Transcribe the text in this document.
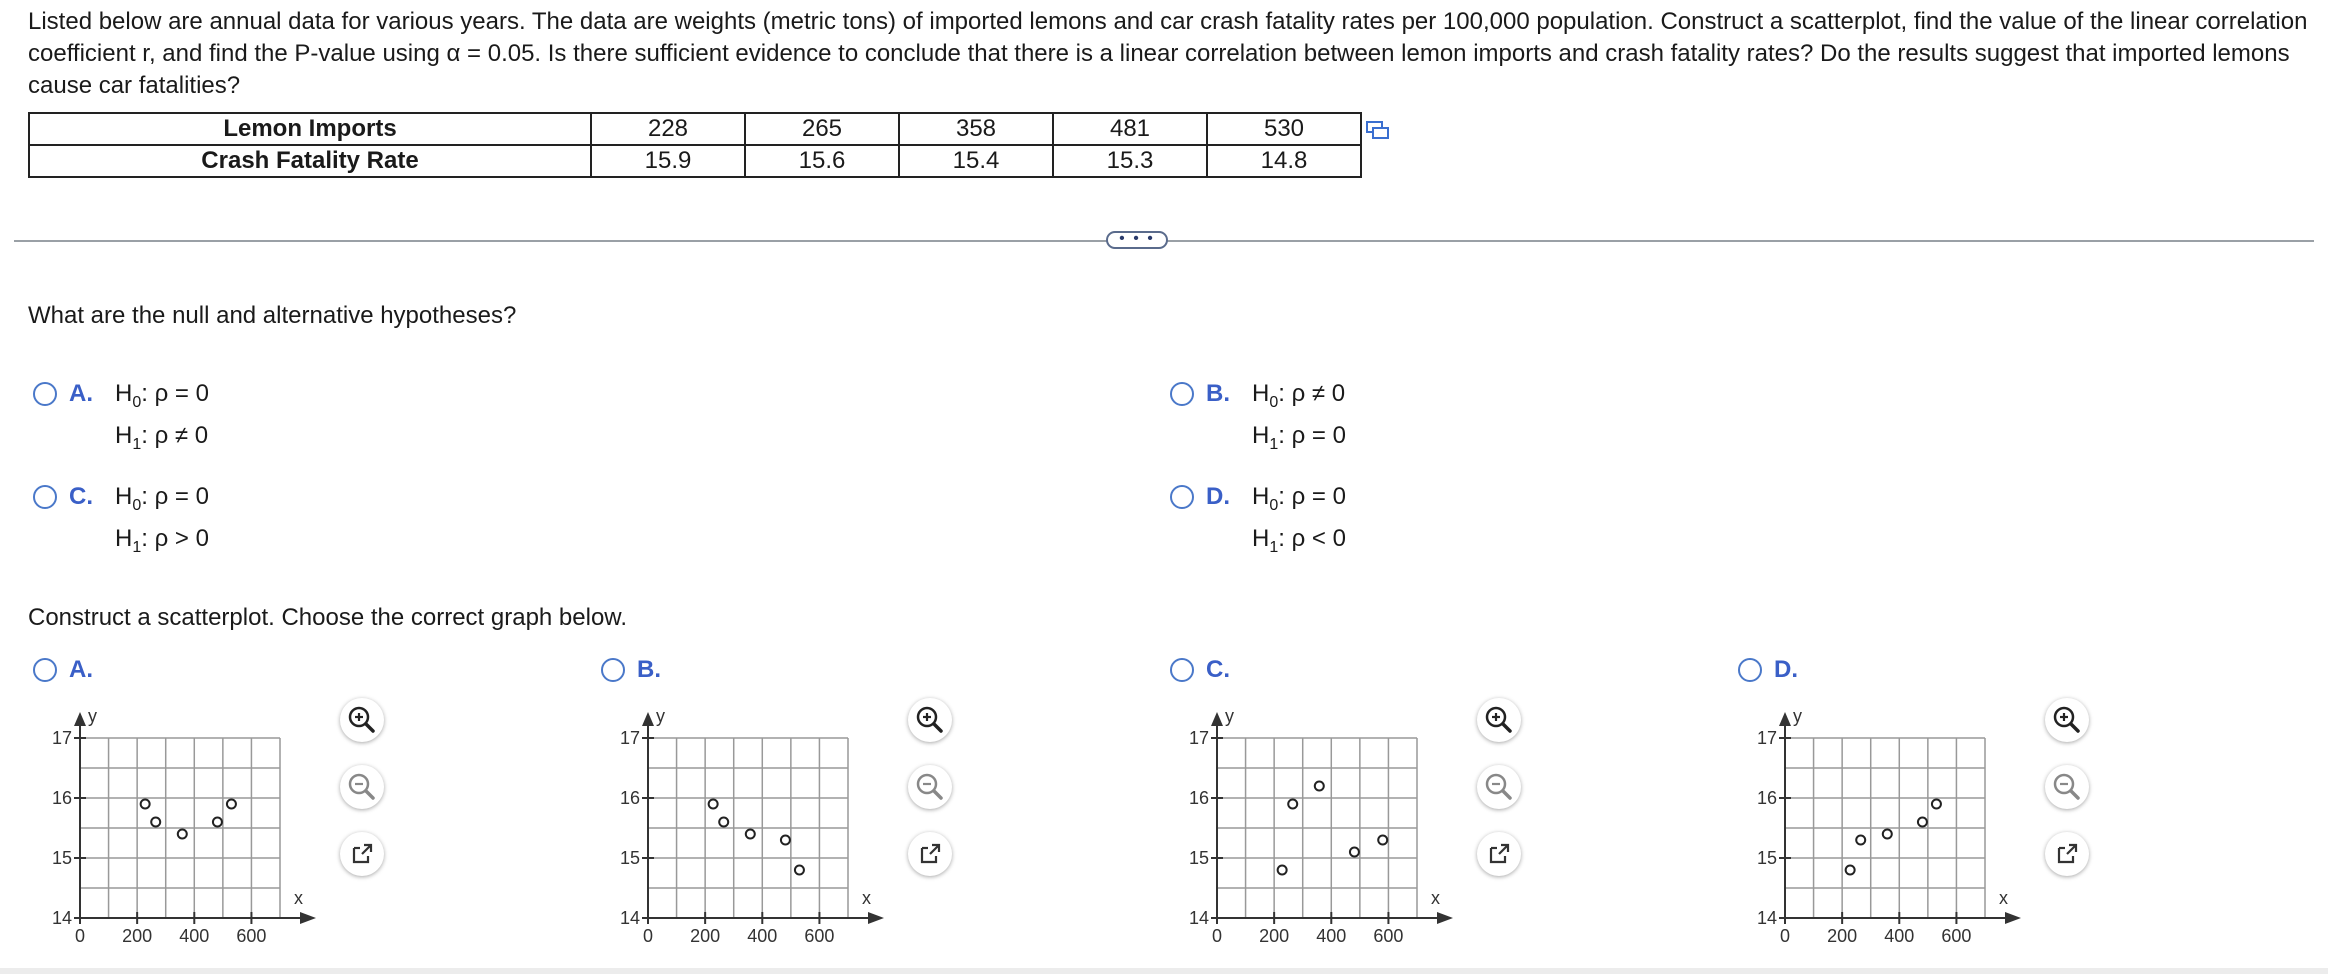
Listed below are annual data for various years. The data are weights (metric tons) of imported lemons and car crash fatality rates per 100,000 population. Construct a scatterplot, find the value of the linear correlation coefficient r, and find the P-value using α = 0.05. Is there sufficient evidence to conclude that there is a linear correlation between lemon imports and crash fatality rates? Do the results suggest that imported lemons cause car fatalities?
Lemon Imports	228	265	358	481	530
Crash Fatality Rate	15.9	15.6	15.4	15.3	14.8
• • •
What are the null and alternative hypotheses?
A. $H_0$: ρ = 0
$H_1$: ρ ≠ 0
B. $H_0$: ρ ≠ 0
$H_1$: ρ = 0
C. $H_0$: ρ = 0
$H_1$: ρ > 0
D. $H_0$: ρ = 0
$H_1$: ρ < 0
Construct a scatterplot. Choose the correct graph below.
A.	B.	C.	D.
y
x
14
15
16
17
0 200 400 600
y
x
14
15
16
17
0 200 400 600
y
x
14
15
16
17
0 200 400 600
y
x
14
15
16
17
0 200 400 600
